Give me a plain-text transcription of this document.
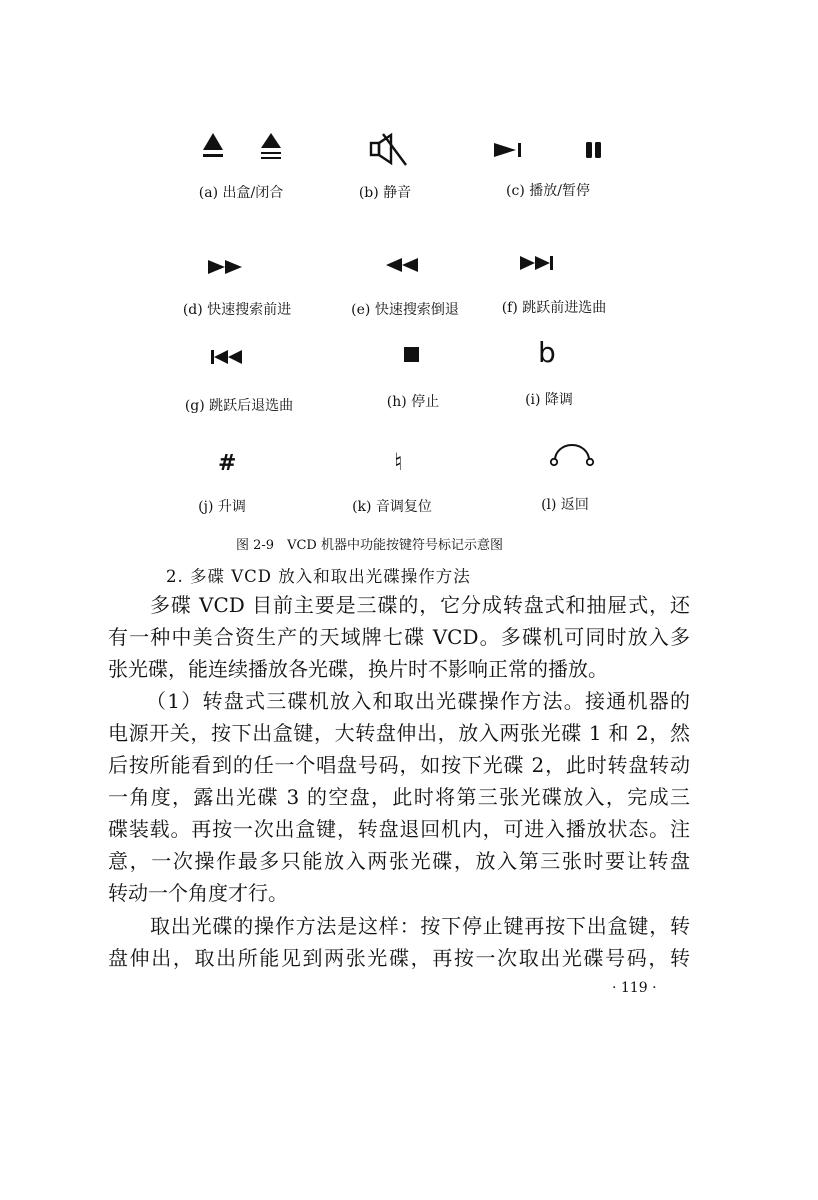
b
#	♮
(a) 出盒/闭合	(b) 静音	(c) 播放/暂停
(d) 快速搜索前进	(e) 快速搜索倒退	(f) 跳跃前进选曲
(g) 跳跃后退选曲	(h) 停止	(i) 降调
(j) 升调	(k) 音调复位	(l) 返回
图 2-9　VCD 机器中功能按键符号标记示意图
2. 多碟 VCD 放入和取出光碟操作方法
多碟 VCD 目前主要是三碟的，它分成转盘式和抽屉式，还
有一种中美合资生产的天域牌七碟 VCD。多碟机可同时放入多
张光碟，能连续播放各光碟，换片时不影响正常的播放。
（1）转盘式三碟机放入和取出光碟操作方法。接通机器的
电源开关，按下出盒键，大转盘伸出，放入两张光碟 1 和 2，然
后按所能看到的任一个唱盘号码，如按下光碟 2，此时转盘转动
一角度，露出光碟 3 的空盘，此时将第三张光碟放入，完成三
碟装载。再按一次出盒键，转盘退回机内，可进入播放状态。注
意，一次操作最多只能放入两张光碟，放入第三张时要让转盘
转动一个角度才行。
取出光碟的操作方法是这样：按下停止键再按下出盒键，转
盘伸出，取出所能见到两张光碟，再按一次取出光碟号码，转
· 119 ·
